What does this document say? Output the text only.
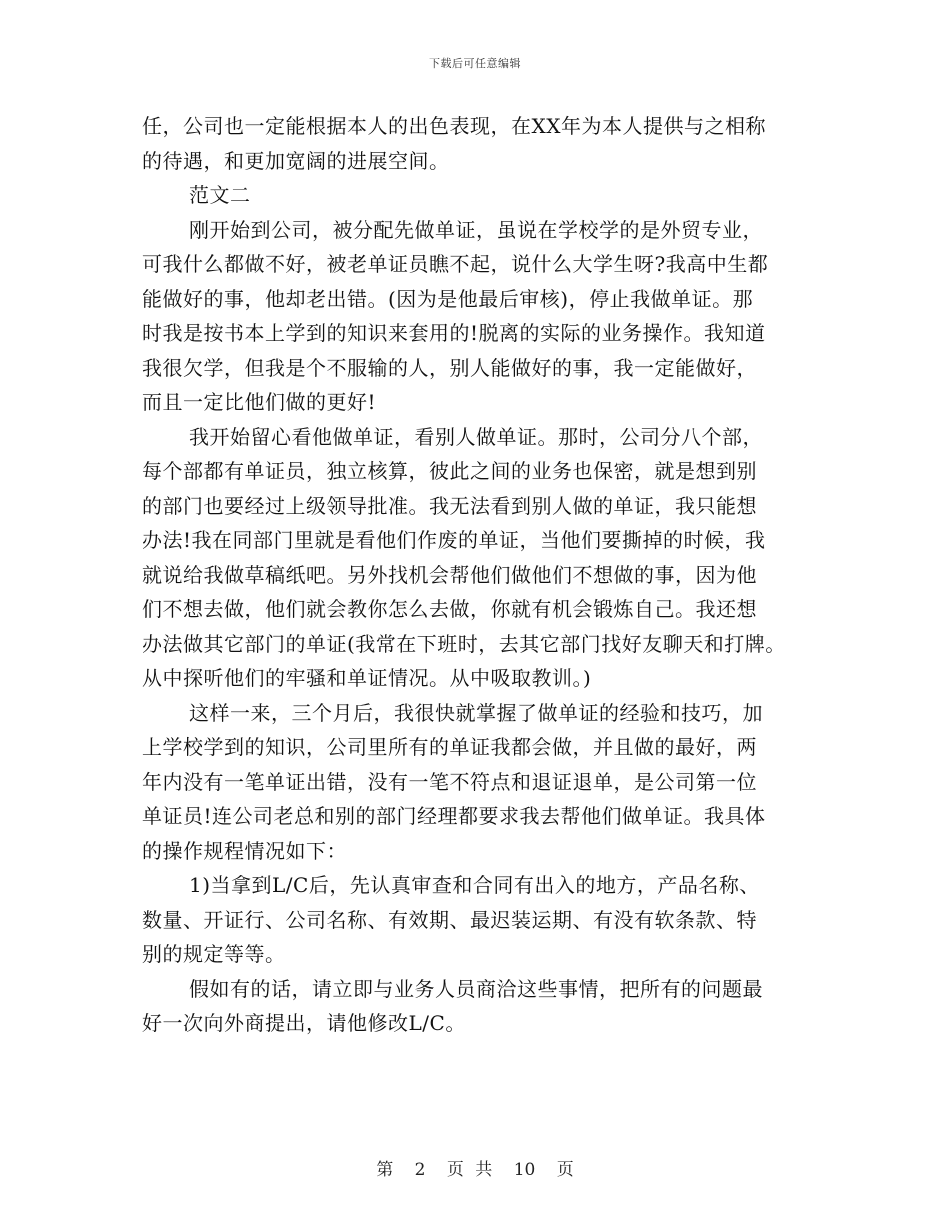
下载后可任意编辑
任，公司也一定能根据本人的出色表现，在XX年为本人提供与之相称
的待遇，和更加宽阔的进展空间。
范文二
刚开始到公司，被分配先做单证，虽说在学校学的是外贸专业，
可我什么都做不好，被老单证员瞧不起，说什么大学生呀?我高中生都
能做好的事，他却老出错。(因为是他最后审核)，停止我做单证。那
时我是按书本上学到的知识来套用的!脱离的实际的业务操作。我知道
我很欠学，但我是个不服输的人，别人能做好的事，我一定能做好，
而且一定比他们做的更好!
我开始留心看他做单证，看别人做单证。那时，公司分八个部，
每个部都有单证员，独立核算，彼此之间的业务也保密，就是想到别
的部门也要经过上级领导批准。我无法看到别人做的单证，我只能想
办法!我在同部门里就是看他们作废的单证，当他们要撕掉的时候，我
就说给我做草稿纸吧。另外找机会帮他们做他们不想做的事，因为他
们不想去做，他们就会教你怎么去做，你就有机会锻炼自己。我还想
办法做其它部门的单证(我常在下班时，去其它部门找好友聊天和打牌。
从中探听他们的牢骚和单证情况。从中吸取教训。)
这样一来，三个月后，我很快就掌握了做单证的经验和技巧，加
上学校学到的知识，公司里所有的单证我都会做，并且做的最好，两
年内没有一笔单证出错，没有一笔不符点和退证退单，是公司第一位
单证员!连公司老总和别的部门经理都要求我去帮他们做单证。我具体
的操作规程情况如下：
1)当拿到L/C后，先认真审查和合同有出入的地方，产品名称、
数量、开证行、公司名称、有效期、最迟装运期、有没有软条款、特
别的规定等等。
假如有的话，请立即与业务人员商洽这些事情，把所有的问题最
好一次向外商提出，请他修改L/C。
第 2 页 共 10 页
